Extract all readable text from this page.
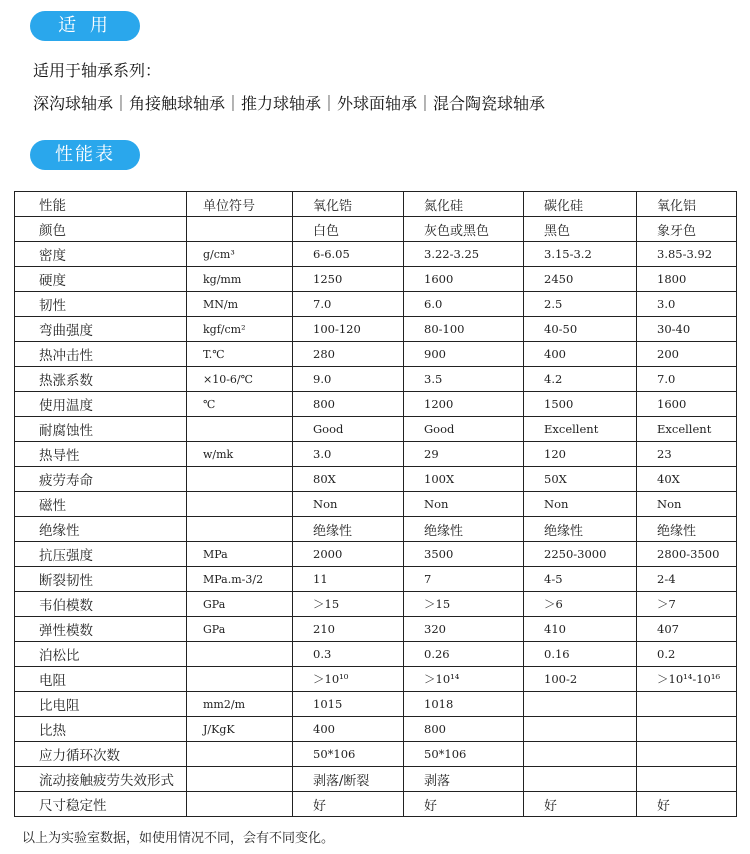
适 用
适用于轴承系列：
深沟球轴承｜角接触球轴承｜推力球轴承｜外球面轴承｜混合陶瓷球轴承
性能表
性能	单位符号	氧化锆	氮化硅	碳化硅	氧化铝
颜色		白色	灰色或黑色	黑色	象牙色
密度	g/cm³	6-6.05	3.22-3.25	3.15-3.2	3.85-3.92
硬度	kg/mm	1250	1600	2450	1800
韧性	MN/m	7.0	6.0	2.5	3.0
弯曲强度	kgf/cm²	100-120	80-100	40-50	30-40
热冲击性	T.℃	280	900	400	200
热涨系数	×10-6/℃	9.0	3.5	4.2	7.0
使用温度	℃	800	1200	1500	1600
耐腐蚀性		Good	Good	Excellent	Excellent
热导性	w/mk	3.0	29	120	23
疲劳寿命		80X	100X	50X	40X
磁性		Non	Non	Non	Non
绝缘性		绝缘性	绝缘性	绝缘性	绝缘性
抗压强度	MPa	2000	3500	2250-3000	2800-3500
断裂韧性	MPa.m-3/2	11	7	4-5	2-4
韦伯模数	GPa	＞15	＞15	＞6	＞7
弹性模数	GPa	210	320	410	407
泊松比		0.3	0.26	0.16	0.2
电阻		＞10¹⁰	＞10¹⁴	100-2	＞10¹⁴-10¹⁶
比电阻	mm2/m	1015	1018		
比热	J/KgK	400	800		
应力循环次数		50*106	50*106		
流动接触疲劳失效形式		剥落/断裂	剥落		
尺寸稳定性		好	好	好	好
以上为实验室数据，如使用情况不同，会有不同变化。
